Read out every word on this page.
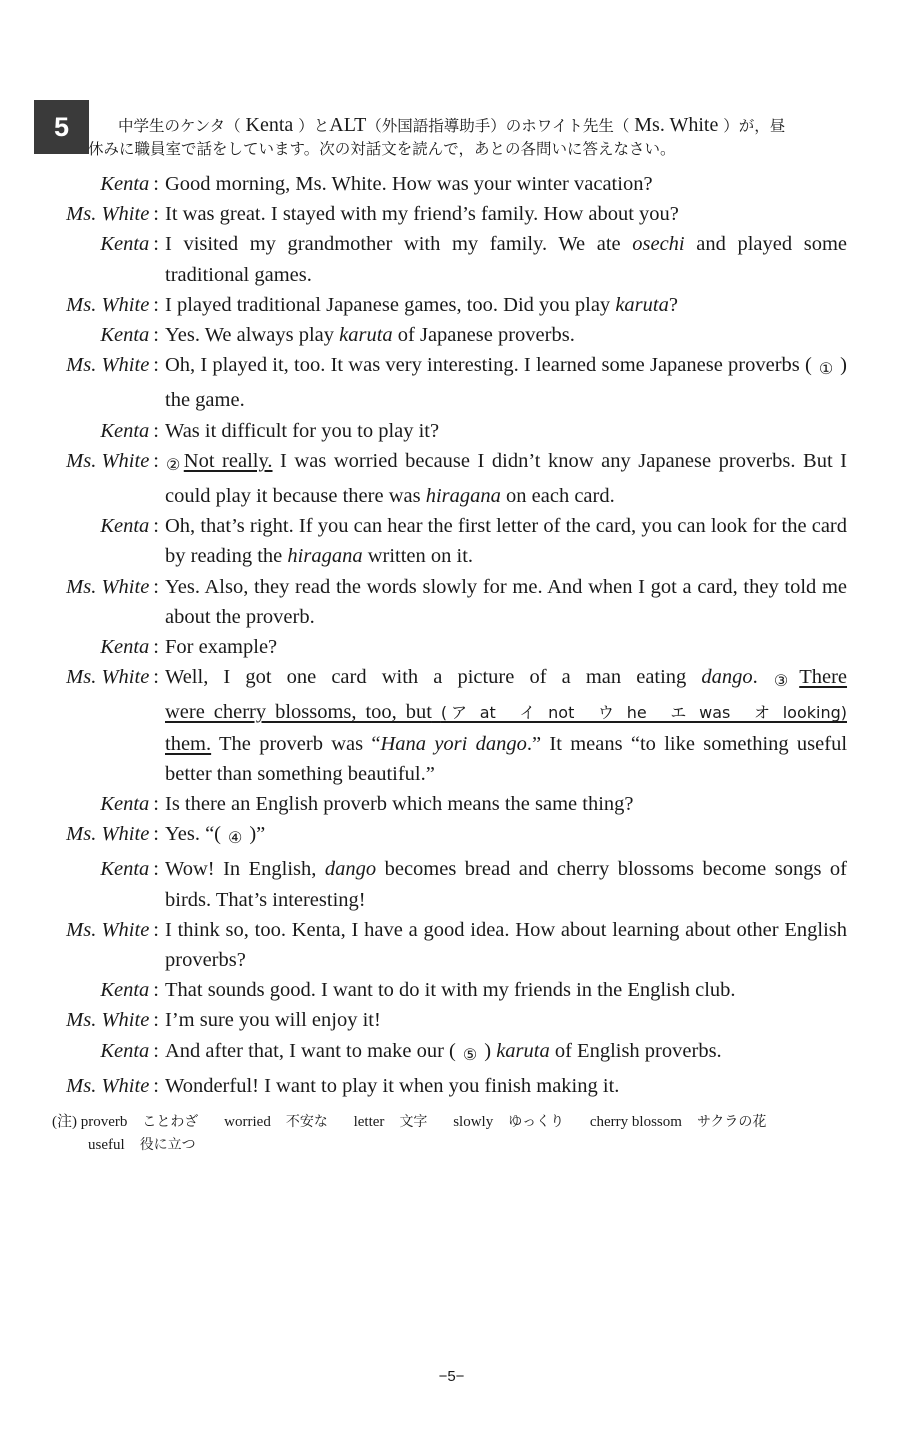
5	中学生のケンタ（ Kenta ）とALT（外国語指導助手）のホワイト先生（ Ms. White ）が，昼
休みに職員室で話をしています。次の対話文を読んで，あとの各問いに答えなさい。
Kenta : Good morning, Ms. White. How was your winter vacation?
Ms. White : It was great. I stayed with my friend’s family. How about you?
Kenta : I visited my grandmother with my family. We ate osechi and played some traditional games.
Ms. White : I played traditional Japanese games, too. Did you play karuta?
Kenta : Yes. We always play karuta of Japanese proverbs.
Ms. White : Oh, I played it, too. It was very interesting. I learned some Japanese proverbs ( ① ) the game.
Kenta : Was it difficult for you to play it?
Ms. White : ②Not really. I was worried because I didn’t know any Japanese proverbs. But I could play it because there was hiragana on each card.
Kenta : Oh, that’s right. If you can hear the first letter of the card, you can look for the card by reading the hiragana written on it.
Ms. White : Yes. Also, they read the words slowly for me. And when I got a card, they told me about the proverb.
Kenta : For example?
Ms. White : Well, I got one card with a picture of a man eating dango. ③There
were cherry blossoms, too, but (ア at　イ not　ウ he　エ was　オ looking)
them. The proverb was “Hana yori dango.” It means “to like something useful better than something beautiful.”
Kenta : Is there an English proverb which means the same thing?
Ms. White : Yes. “( ④ )”
Kenta : Wow! In English, dango becomes bread and cherry blossoms become songs of birds. That’s interesting!
Ms. White : I think so, too. Kenta, I have a good idea. How about learning about other English proverbs?
Kenta : That sounds good. I want to do it with my friends in the English club.
Ms. White : I’m sure you will enjoy it!
Kenta : And after that, I want to make our ( ⑤ ) karuta of English proverbs.
Ms. White : Wonderful! I want to play it when you finish making it.
(注) proverb　 ことわざ worried　 不安な letter　 文字 slowly　 ゆっくり cherry blossom　 サクラの花
useful　 役に立つ
−5−
